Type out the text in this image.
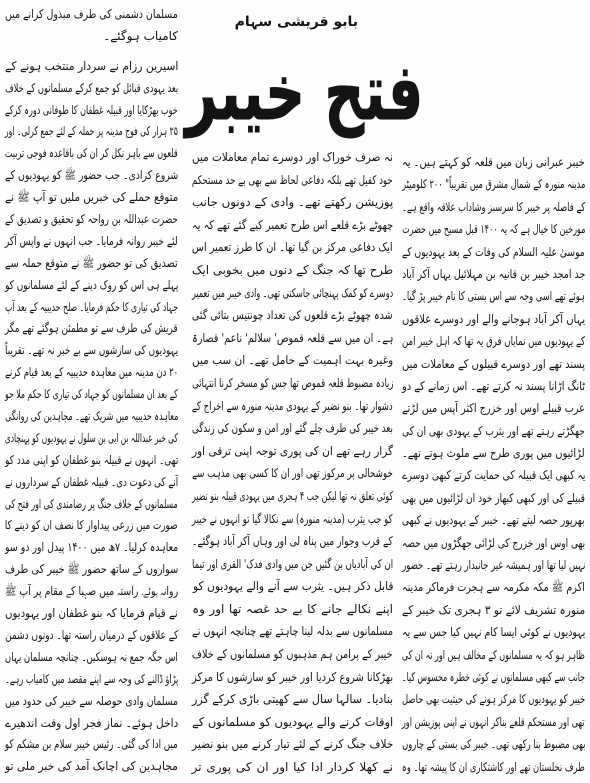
بابو قریشی سہام
فتح خیبر
خیبر عبرانی زبان میں قلعہ کو کہتے ہیں۔ یہ
مدینہ منورہ کے شمال مشرق میں تقریباً" ۲۰۰ کلومیٹر
کے فاصلہ پر خیبر کا سرسبز وشاداب علاقہ واقع ہے۔
مورخین کا خیال ہے کہ یہ ۱۴۰۰ قبل مسیح میں حضرت
موسیٰ علیہ السلام کی وفات کے بعد یہودیوں کے
جد امجد خیبر بن قانیہ بن مہلائیل یہاں آکر آباد
ہوئے تھے اسی وجہ سے اس بستی کا نام خیبر پڑ گیا۔
یہاں آکر آباد ہوجانے والے اور دوسرے علاقوں
کے یہودیوں میں نمایاں فرق یہ تھا کہ اہل خیبر امن
پسند تھے اور دوسرے قبیلوں کے معاملات میں
ٹانگ اڑانا پسند نہ کرتے تھے۔ اس زمانے کے دو
عرب قبیلے اوس اور خزرج اکثر آپس میں لڑتے
جھگڑتے رہتے تھے اور یثرب کے یہودی بھی ان کی
لڑائیوں میں پوری طرح سے ملوث ہوتے تھے۔
یہ کبھی ایک قبیلہ کی حمایت کرتے کبھی دوسرے
قبیلے کی اور کبھی کبھار خود ان لڑائیوں میں بھی
بھرپور حصہ لیتے تھے۔ خیبر کے یہودیوں نے کبھی
بھی اوس اور خزرج کی لڑائی جھگڑوں میں حصہ
نہیں لیا تھا اور ہمیشہ غیر جانبدار رہتے تھے۔ حضور
اکرم ﷺ مکہ مکرمہ سے ہجرت فرماکر مدینہ
منورہ تشریف لائے تو ۳ ہجری تک خیبر کے
یہودیوں نے کوئی ایسا کام نہیں کیا جس سے یہ
ظاہر ہو کہ یہ مسلمانوں کے مخالف ہیں اور نہ ان کی
جانب سے کبھی مسلمانوں نے کوئی خطرہ محسوس کیا۔
خیبر کو یہودیوں کا مرکز ہونے کی حیثیت بھی حاصل
تھی اور مستحکم قلعے بناکر انہوں نے اپنی پوزیشن اور
بھی مضبوط بنا رکھی تھی۔ خیبر کی بستی کے چاروں
طرف نخلستان تھے اور کاشتکاری ان کا پیشہ تھا۔ وہ
نہ صرف خوراک اور دوسرے تمام معاملات میں
خود کفیل تھے بلکہ دفاعی لحاظ سے بھی بے حد مستحکم
پوزیشن رکھتے تھے۔ وادی کے دونوں جانب
چھوٹے بڑے قلعے اس طرح تعمیر کیے گئے تھے کہ یہ
ایک دفاعی مرکز بن گیا تھا۔ ان کا طرز تعمیر اس
طرح تھا کہ جنگ کے دنوں میں بخوبی ایک
دوسرے کو کمک پہنچائی جاسکتی تھی۔ وادی خیبر میں تعمیر
شدہ چھوٹے بڑے قلعوں کی تعداد چونتیس بتائی گئی
ہے۔ ان میں سے قلعہ قموص' سلالم' ناعم' قصارۃ
وغیرہ بہت اہمیت کے حامل تھے۔ ان سب میں
زیادہ مضبوط قلعہ قموص تھا جس کو مسخر کرنا انتہائی
دشوار تھا۔ بنو نضیر کے یہودی مدینہ منورہ سے اخراج کے
بعد خیبر کی طرف چلے گئے اور امن و سکون کی زندگی
گزار رہے تھے ان کی پوری توجہ اپنی ترقی اور
خوشحالی پر مرکوز تھی اور ان کا کسی بھی مذہب سے
کوئی تعلق نہ تھا لیکن جب ۴ ہجری میں یہودی قبیلہ بنو نضیر
کو جب یثرب (مدینہ منورہ) سے نکالا گیا تو انہوں نے خیبر
کے قرب وجوار میں پناہ لی اور وہاں آکر آباد ہوگئے۔
ان کی آبادیاں بن گئیں جن میں وادی فدک' القری اور تیما
قابل ذکر ہیں۔ یثرب سے آنے والے یہودیوں کو
اپنے نکالے جانے کا بے حد غصہ تھا اور وہ
مسلمانوں سے بدلہ لینا چاہتے تھے چنانچہ انہوں نے
خیبر کے پرامن ہم مذہبوں کو مسلمانوں کے خلاف
بھڑکانا شروع کردیا اور خیبر کو سازشوں کا مرکز
بنادیا۔ سالہا سال سے کھیتی باڑی کرکے گزر
اوقات کرنے والے یہودیوں کو مسلمانوں کے
خلاف جنگ کرنے کے لئے تیار کرنے میں بنو نضیر
نے کھلا کردار ادا کیا اور ان کی پوری تر
مسلمان دشمنی کی طرف مبذول کرانے میں
کامیاب ہوگئے۔
اسیرین رزام نے سردار منتخب ہونے کے
بعد یہودی قبائل کو جمع کرکے مسلمانوں کے خلاف
خوب بھڑکایا اور قبیلہ غطفان کا طوفانی دورہ کرکے
۲۵ ہزار کی فوج مدینہ پر حملہ کے لئے جمع کرلی۔ اور
قلعوں سے باہر نکل کر ان کی باقاعدہ فوجی تربیت
شروع کرادی۔ جب حضور ﷺ کو یہودیوں کے
متوقع حملے کی خبریں ملیں تو آپ ﷺ نے
حضرت عبداللہ بن رواحہ کو تحقیق و تصدیق کے
لئے خیبر روانہ فرمایا۔ جب انہوں نے واپس آکر
تصدیق کی تو حضور ﷺ نے متوقع حملہ سے
پہلے ہی اس کو روک دینے کے لئے مسلمانوں کو
جہاد کی تیاری کا حکم فرمایا۔ صلح حدیبیہ کے بعد آپ
قریش کی طرف سے تو مطمئن ہوگئے تھے مگر
یہودیوں کی سازشوں سے بے خبر نہ تھے۔ تقریباً
۲۰ دن مدینہ میں معاہدہ حدیبیہ کے بعد قیام کرنے
کے بعد ان مسلمانوں کو جہاد کی تیاری کا حکم ملا جو
معاہدہ حدیبیہ میں شریک تھے۔ مجاہدین کی روانگی
کی خبر عبداللہ بن ابی بن سلول نے یہودیوں کو پہنچادی
تھی۔ انہوں نے قبیلہ بنو غطفان کو اپنی مدد کو
آنے کی دعوت دی۔ قبیلہ غطفان کے سرداروں نے
مسلمانوں کے خلاف جنگ پر رضامندی کی اور فتح کی
صورت میں زرعی پیداوار کا نصف ان کو دینے کا
معاہدہ کرلیا۔ ۷ھ میں ۱۴۰۰ پیدل اور دو سو
سواروں کے ساتھ حضور ﷺ خیبر کی طرف
روانہ ہوئے۔ راستہ میں صہبا کے مقام پر آپ ﷺ
نے قیام فرمایا کہ بنو غطفان اور یہودیوں
کے علاقوں کے درمیان راستہ تھا۔ دونوں دشمن
اس جگہ جمع نہ ہوسکیں۔ چنانچہ مسلمان یہاں
پڑاؤ ڈالنے کی وجہ سے اپنے مقصد میں کامیاب رہے۔
مسلمان وادی حوصلہ سے خیبر کی حدود میں
داخل ہوئے۔ نماز فجر اول وقت اندھیرے
میں ادا کی گئی۔ رئیس خیبر سلام بن مشکم کو
مجاہدین کی اچانک آمد کی خبر ملی تو
